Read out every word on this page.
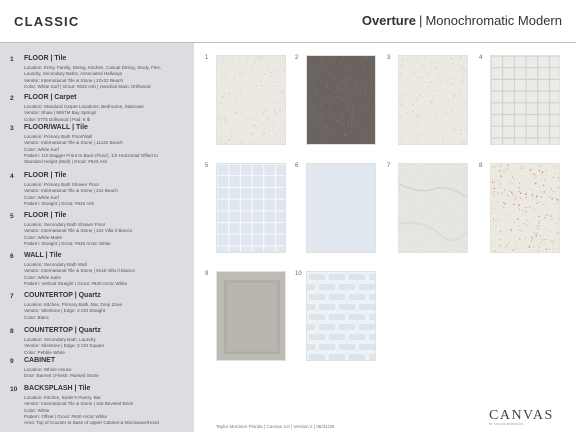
CLASSIC	Overture | Monochromatic Modern
1 FLOOR | Tile
Location: Entry, Family, Dining, Kitchen, Casual Dining, Study, Flex,
Laundry, Secondary Baths, Associated Hallways
Vendor: International Tile & Stone | 22x22 Beach
Color: White Surf | Grout: #642 Ash | Handrail Stain: Driftwood
2 FLOOR | Carpet
Location: Standard Carpet Locations, Bedrooms, Staircase
Vendor: Shaw | 5657M Bay Springs
Color: 0775 Driftwood | Pad: 6 lb
3 FLOOR/WALL | Tile
Location: Primary Bath Floor/Wall
Vendor: International Tile & Stone | 11x22 Beach
Color: White Surf
Pattern: 1/3 Stagger Front to Back (Floor), 1/3 Horizontal Offset to
Standard Height (Wall) | Grout: #642 Ash
4 FLOOR | Tile
Location: Primary Bath Shower Floor
Vendor: International Tile & Stone | 2x2 Beach
Color: White Surf
Pattern: Straight | Grout: #642 Ash
5 FLOOR | Tile
Location: Secondary Bath Shower Floor
Vendor: International Tile & Stone | 2x2 Villa Il Bianco
Color: White Matte
Pattern: Straight | Grout: #640 Arctic White
6 WALL | Tile
Location: Secondary Bath Wall
Vendor: International Tile & Stone | 9x16 Villa Il Bianco
Color: White Satin
Pattern: Vertical Straight | Grout: #640 Arctic White
7 COUNTERTOP | Quartz
Location: Kitchen, Primary Bath, Bar, Drop Zone
Vendor: Silestone | Edge: 3 CM Straight
Color: Blanc
8 COUNTERTOP | Quartz
Location: Secondary Bath, Laundry
Vendor: Silestone | Edge: 3 CM Square
Color: Pebble White
9 CABINET
Location: Whole House
Door: Barnett | Finish: Painted Stone
10 BACKSPLASH | Tile
Location: Kitchen, Butler's Pantry, Bar
Vendor: International Tile & Stone | 3x6 Beveled Brick
Color: White
Pattern: Offset | Grout: #640 Arctic White
Area: Top of Counter to Base of Upper Cabinet & Microwave/Hood
1	2	3	4
5	6	7	8
9	10
Taylor Morrison Florida | Canvas 4.0 | Version 2 | 08/31/25
CANVAS
BY TAYLOR MORRISON
